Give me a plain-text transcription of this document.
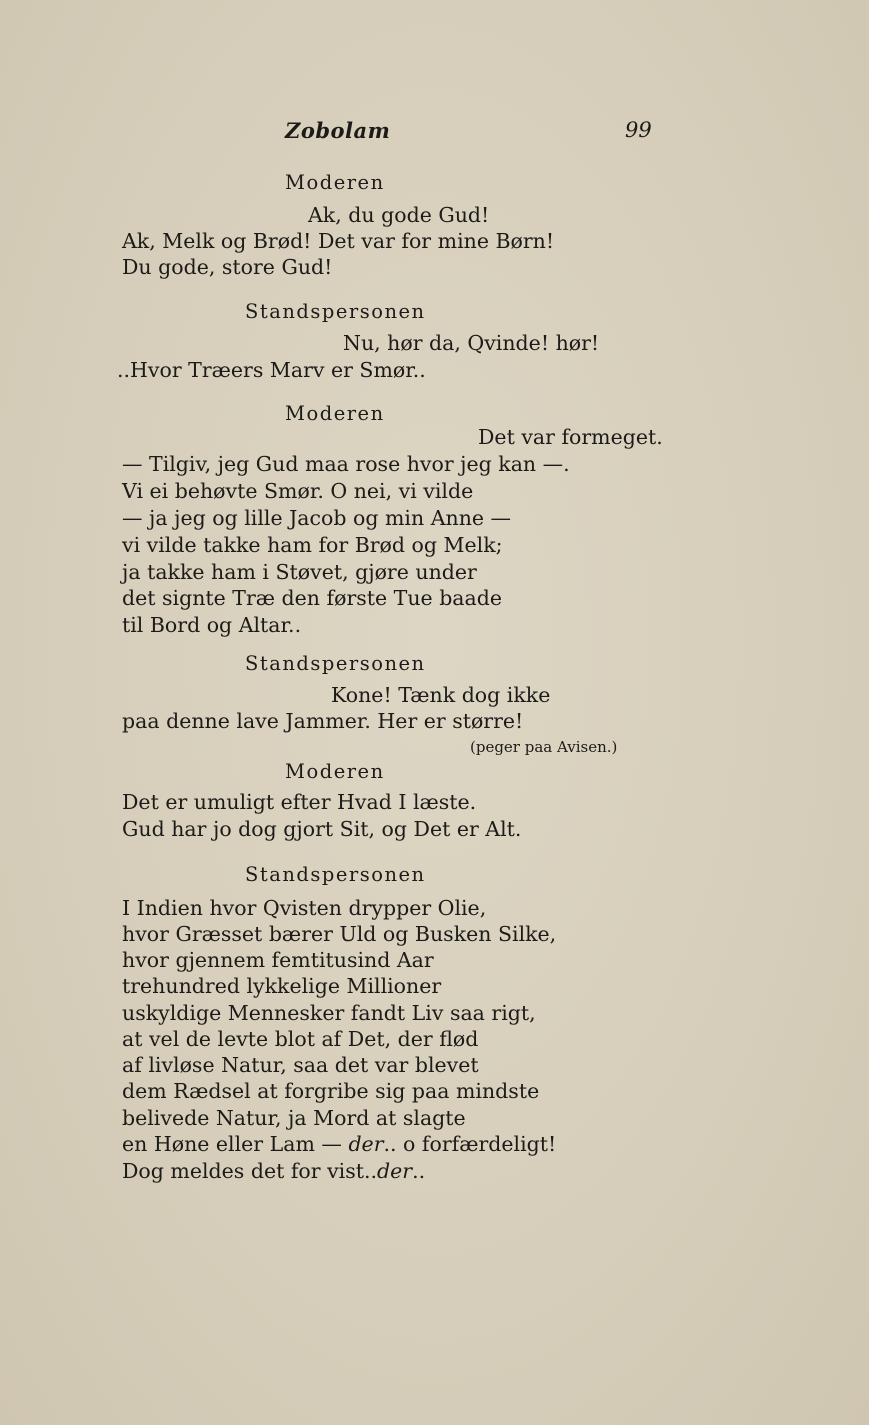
Zobolam	99
Moderen
Ak, du gode Gud!
Ak, Melk og Brød! Det var for mine Børn!
Du gode, store Gud!
Standspersonen
Nu, hør da, Qvinde! hør!
..Hvor Træers Marv er Smør..
Moderen
Det var formeget.
— Tilgiv, jeg Gud maa rose hvor jeg kan —.
Vi ei behøvte Smør. O nei, vi vilde
— ja jeg og lille Jacob og min Anne —
vi vilde takke ham for Brød og Melk;
ja takke ham i Støvet, gjøre under
det signte Træ den første Tue baade
til Bord og Altar..
Standspersonen
Kone! Tænk dog ikke
paa denne lave Jammer. Her er større!
(peger paa Avisen.)
Moderen
Det er umuligt efter Hvad I læste.
Gud har jo dog gjort Sit, og Det er Alt.
Standspersonen
I Indien hvor Qvisten drypper Olie,
hvor Græsset bærer Uld og Busken Silke,
hvor gjennem femtitusind Aar
trehundred lykkelige Millioner
uskyldige Mennesker fandt Liv saa rigt,
at vel de levte blot af Det, der flød
af livløse Natur, saa det var blevet
dem Rædsel at forgribe sig paa mindste
belivede Natur, ja Mord at slagte
en Høne eller Lam — der.. o forfærdeligt!
Dog meldes det for vist..der..
